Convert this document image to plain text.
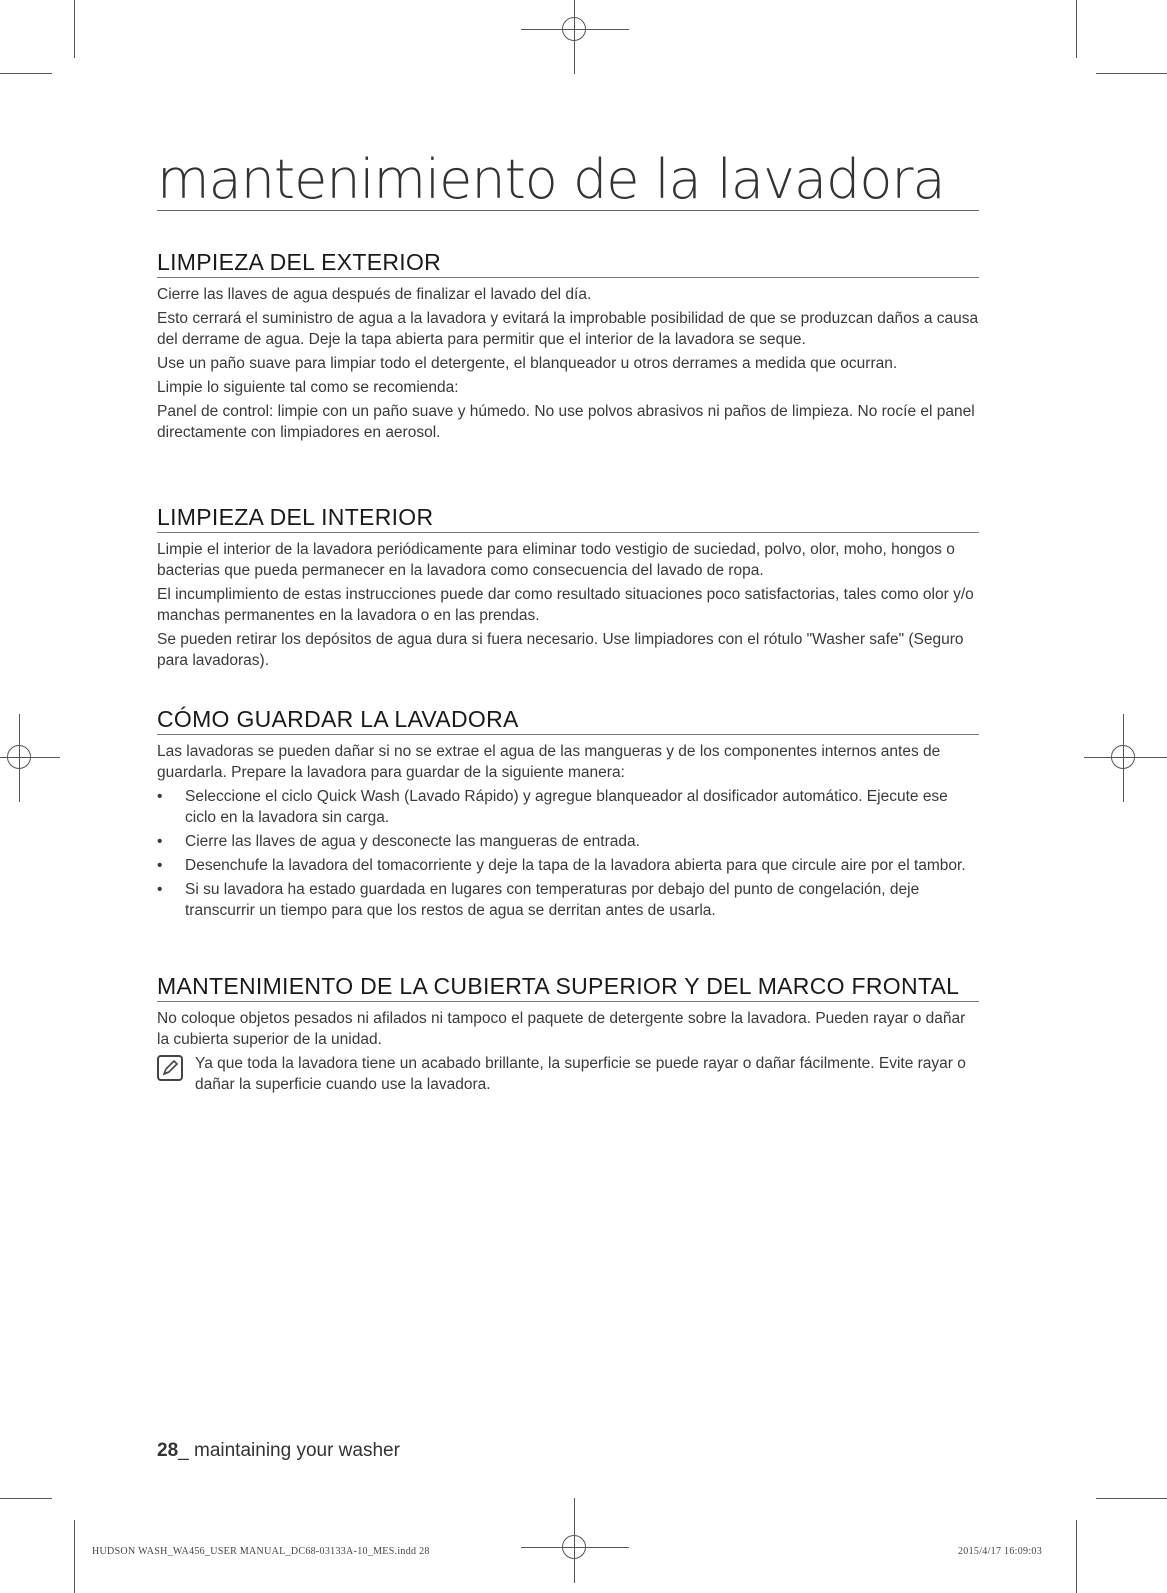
mantenimiento de la lavadora
LIMPIEZA DEL EXTERIOR

Cierre las llaves de agua después de finalizar el lavado del día.

Esto cerrará el suministro de agua a la lavadora y evitará la improbable posibilidad de que se produzcan daños a causa del derrame de agua. Deje la tapa abierta para permitir que el interior de la lavadora se seque.

Use un paño suave para limpiar todo el detergente, el blanqueador u otros derrames a medida que ocurran.

Limpie lo siguiente tal como se recomienda:

Panel de control: limpie con un paño suave y húmedo. No use polvos abrasivos ni paños de limpieza. No rocíe el panel directamente con limpiadores en aerosol.

LIMPIEZA DEL INTERIOR

Limpie el interior de la lavadora periódicamente para eliminar todo vestigio de suciedad, polvo, olor, moho, hongos o bacterias que pueda permanecer en la lavadora como consecuencia del lavado de ropa.

El incumplimiento de estas instrucciones puede dar como resultado situaciones poco satisfactorias, tales como olor y/o manchas permanentes en la lavadora o en las prendas.

Se pueden retirar los depósitos de agua dura si fuera necesario. Use limpiadores con el rótulo "Washer safe" (Seguro para lavadoras).

CÓMO GUARDAR LA LAVADORA

Las lavadoras se pueden dañar si no se extrae el agua de las mangueras y de los componentes internos antes de guardarla. Prepare la lavadora para guardar de la siguiente manera:

• Seleccione el ciclo Quick Wash (Lavado Rápido) y agregue blanqueador al dosificador automático. Ejecute ese ciclo en la lavadora sin carga.
• Cierre las llaves de agua y desconecte las mangueras de entrada.
• Desenchufe la lavadora del tomacorriente y deje la tapa de la lavadora abierta para que circule aire por el tambor.
• Si su lavadora ha estado guardada en lugares con temperaturas por debajo del punto de congelación, deje transcurrir un tiempo para que los restos de agua se derritan antes de usarla.
MANTENIMIENTO DE LA CUBIERTA SUPERIOR Y DEL MARCO FRONTAL

No coloque objetos pesados ni afilados ni tampoco el paquete de detergente sobre la lavadora. Pueden rayar o dañar la cubierta superior de la unidad.

Ya que toda la lavadora tiene un acabado brillante, la superficie se puede rayar o dañar fácilmente. Evite rayar o dañar la superficie cuando use la lavadora.
28_ maintaining your washer
HUDSON WASH_WA456_USER MANUAL_DC68-03133A-10_MES.indd 28	2015/4/17 16:09:03
